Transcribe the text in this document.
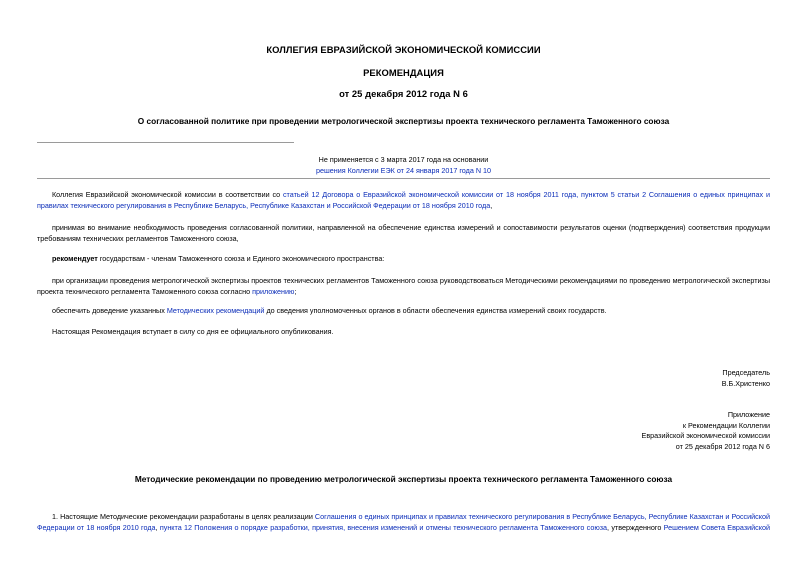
КОЛЛЕГИЯ ЕВРАЗИЙСКОЙ ЭКОНОМИЧЕСКОЙ КОМИССИИ
РЕКОМЕНДАЦИЯ
от 25 декабря 2012 года N 6
О согласованной политике при проведении метрологической экспертизы проекта технического регламента Таможенного союза
Не применяется с 3 марта 2017 года на основании
решения Коллегии ЕЭК от 24 января 2017 года N 10
Коллегия Евразийской экономической комиссии в соответствии со статьей 12 Договора о Евразийской экономической комиссии от 18 ноября 2011 года, пунктом 5 статьи 2 Соглашения о единых принципах и правилах технического регулирования в Республике Беларусь, Республике Казахстан и Российской Федерации от 18 ноября 2010 года,
принимая во внимание необходимость проведения согласованной политики, направленной на обеспечение единства измерений и сопоставимости результатов оценки (подтверждения) соответствия продукции требованиям технических регламентов Таможенного союза,
рекомендует государствам - членам Таможенного союза и Единого экономического пространства:
при организации проведения метрологической экспертизы проектов технических регламентов Таможенного союза руководствоваться Методическими рекомендациями по проведению метрологической экспертизы проекта технического регламента Таможенного союза согласно приложению;
обеспечить доведение указанных Методических рекомендаций до сведения уполномоченных органов в области обеспечения единства измерений своих государств.
Настоящая Рекомендация вступает в силу со дня ее официального опубликования.
Председатель
В.Б.Христенко
Приложение
к Рекомендации Коллегии
Евразийской экономической комиссии
от 25 декабря 2012 года N 6
Методические рекомендации по проведению метрологической экспертизы проекта технического регламента Таможенного союза
1. Настоящие Методические рекомендации разработаны в целях реализации Соглашения о единых принципах и правилах технического регулирования в Республике Беларусь, Республике Казахстан и Российской Федерации от 18 ноября 2010 года, пункта 12 Положения о порядке разработки, принятия, внесения изменений и отмены технического регламента Таможенного союза, утвержденного Решением Совета Евразийской
